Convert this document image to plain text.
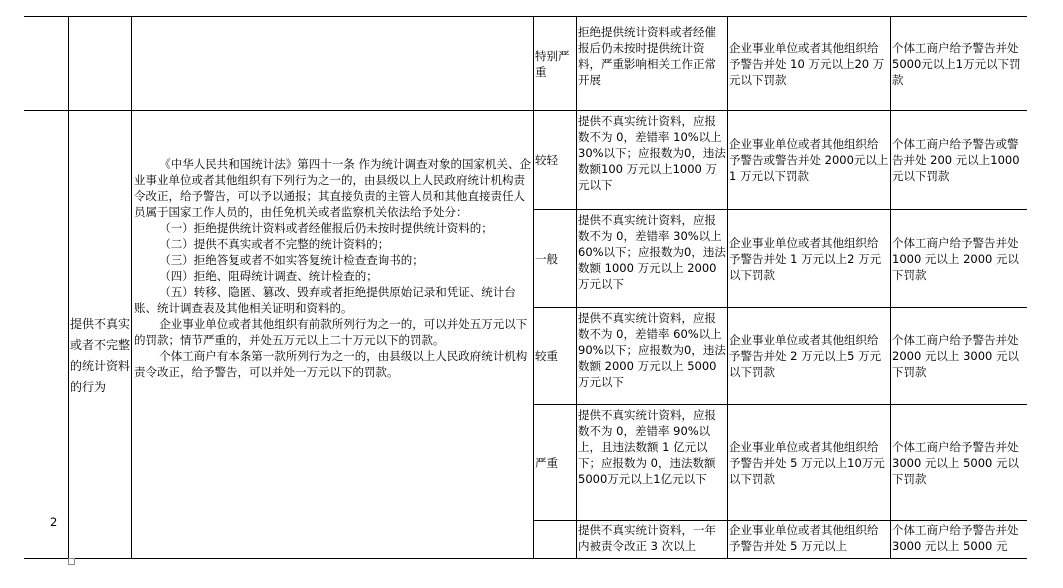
特别严重
拒绝提供统计资料或者经催报后仍未按时提供统计资料，严重影响相关工作正常开展
企业事业单位或者其他组织给予警告并处 10 万元以上20 万元以下罚款
个体工商户给予警告并处5000元以上1万元以下罚款
2
提供不真实或者不完整的统计资料的行为

《中华人民共和国统计法》第四十一条 作为统计调查对象的国家机关、企业事业单位或者其他组织有下列行为之一的，由县级以上人民政府统计机构责令改正，给予警告，可以予以通报；其直接负责的主管人员和其他直接责任人员属于国家工作人员的，由任免机关或者监察机关依法给予处分：

（一）拒绝提供统计资料或者经催报后仍未按时提供统计资料的；

（二）提供不真实或者不完整的统计资料的；

（三）拒绝答复或者不如实答复统计检查查询书的；

（四）拒绝、阻碍统计调查、统计检查的；

（五）转移、隐匿、篡改、毁弃或者拒绝提供原始记录和凭证、统计台账、统计调查表及其他相关证明和资料的。

企业事业单位或者其他组织有前款所列行为之一的，可以并处五万元以下的罚款；情节严重的，并处五万元以上二十万元以下的罚款。

个体工商户有本条第一款所列行为之一的，由县级以上人民政府统计机构责令改正，给予警告，可以并处一万元以下的罚款。

较轻
提供不真实统计资料，应报数不为 0，差错率 10%以上 30%以下；应报数为0，违法数额100 万元以上1000 万元以下
企业事业单位或者其他组织给予警告或警告并处 2000元以上 1 万元以下罚款
个体工商户给予警告或警告并处 200 元以上1000 元以下罚款
一般
提供不真实统计资料，应报数不为 0，差错率 30%以上 60%以下；应报数为0，违法数额 1000 万元以上 2000 万元以下
企业事业单位或者其他组织给予警告并处 1 万元以上2 万元以下罚款
个体工商户给予警告并处 1000 元以上 2000 元以下罚款
较重
提供不真实统计资料，应报数不为 0，差错率 60%以上 90%以下；应报数为0，违法数额 2000 万元以上 5000 万元以下
企业事业单位或者其他组织给予警告并处 2 万元以上5 万元以下罚款
个体工商户给予警告并处 2000 元以上 3000 元以下罚款
严重
提供不真实统计资料，应报数不为 0，差错率 90%以上，且违法数额 1 亿元以下；应报数为 0，违法数额5000万元以上1亿元以下
企业事业单位或者其他组织给予警告并处 5 万元以上10万元以下罚款
个体工商户给予警告并处 3000 元以上 5000 元以下罚款
提供不真实统计资料，一年内被责令改正 3 次以上
企业事业单位或者其他组织给予警告并处 5 万元以上
个体工商户给予警告并处 3000 元以上 5000 元
